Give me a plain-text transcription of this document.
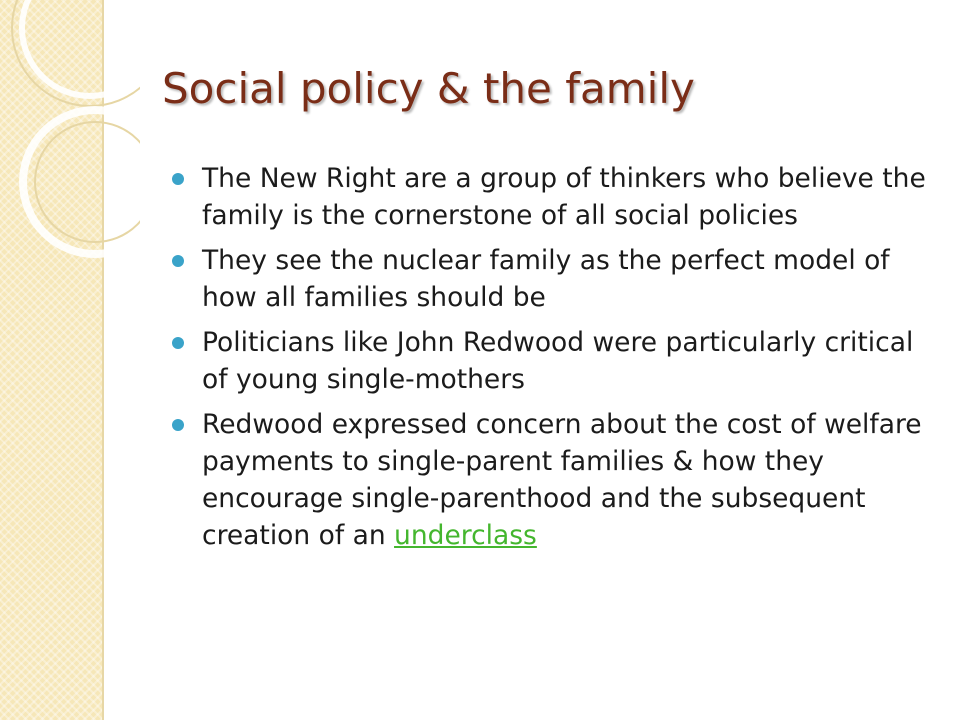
Social policy & the family
The New Right are a group of thinkers who believe the family is the cornerstone of all social policies
They see the nuclear family as the perfect model of how all families should be
Politicians like John Redwood were particularly critical of young single-mothers
Redwood expressed concern about the cost of welfare payments to single-parent families & how they encourage single-parenthood and the subsequent creation of an underclass
